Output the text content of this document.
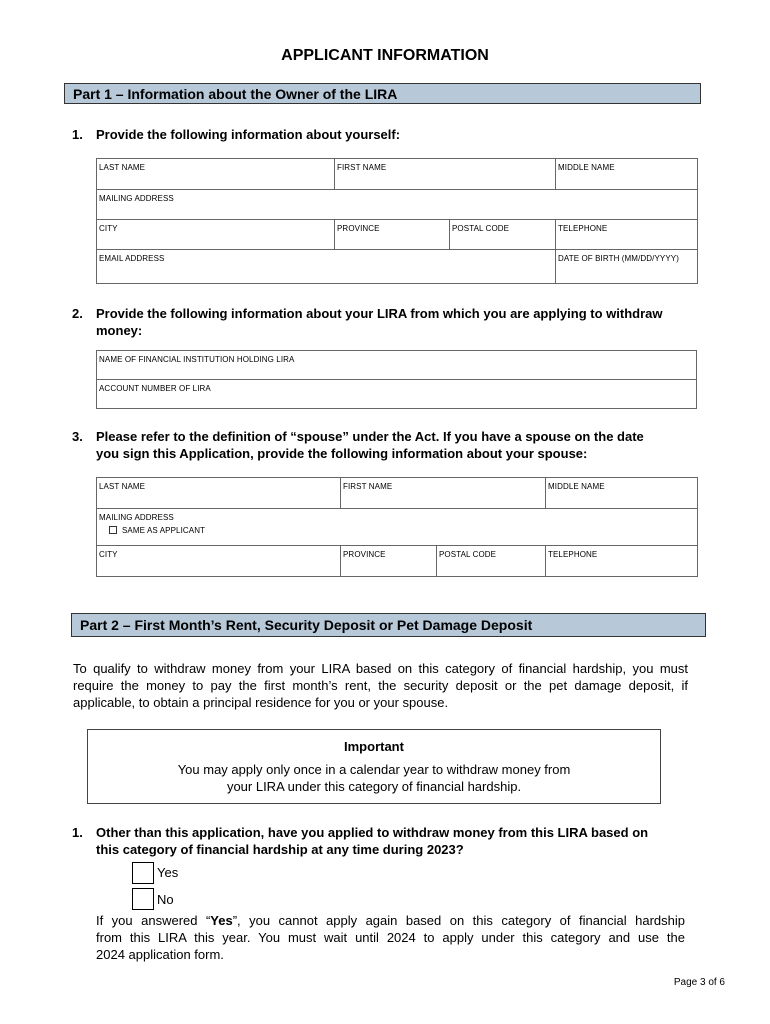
APPLICANT INFORMATION
Part 1 – Information about the Owner of the LIRA
1. Provide the following information about yourself:
LAST NAME	FIRST NAME		MIDDLE NAME
MAILING ADDRESS			
CITY	PROVINCE	POSTAL CODE	TELEPHONE
EMAIL ADDRESS			DATE OF BIRTH (MM/DD/YYYY)
2. Provide the following information about your LIRA from which you are applying to withdraw
money:
NAME OF FINANCIAL INSTITUTION HOLDING LIRA
ACCOUNT NUMBER OF LIRA
3. Please refer to the definition of “spouse” under the Act. If you have a spouse on the date
you sign this Application, provide the following information about your spouse:
LAST NAME	FIRST NAME		MIDDLE NAME

MAILING ADDRESS
SAME AS APPLICANT			

CITY	PROVINCE	POSTAL CODE	TELEPHONE
Part 2 – First Month’s Rent, Security Deposit or Pet Damage Deposit
To qualify to withdraw money from your LIRA based on this category of financial hardship, you must
require the money to pay the first month’s rent, the security deposit or the pet damage deposit, if
applicable, to obtain a principal residence for you or your spouse.
Important
You may apply only once in a calendar year to withdraw money from
your LIRA under this category of financial hardship.
1. Other than this application, have you applied to withdraw money from this LIRA based on
this category of financial hardship at any time during 2023?
Yes
No
If you answered “Yes”, you cannot apply again based on this category of financial hardship
from this LIRA this year. You must wait until 2024 to apply under this category and use the
2024 application form.
Page 3 of 6
